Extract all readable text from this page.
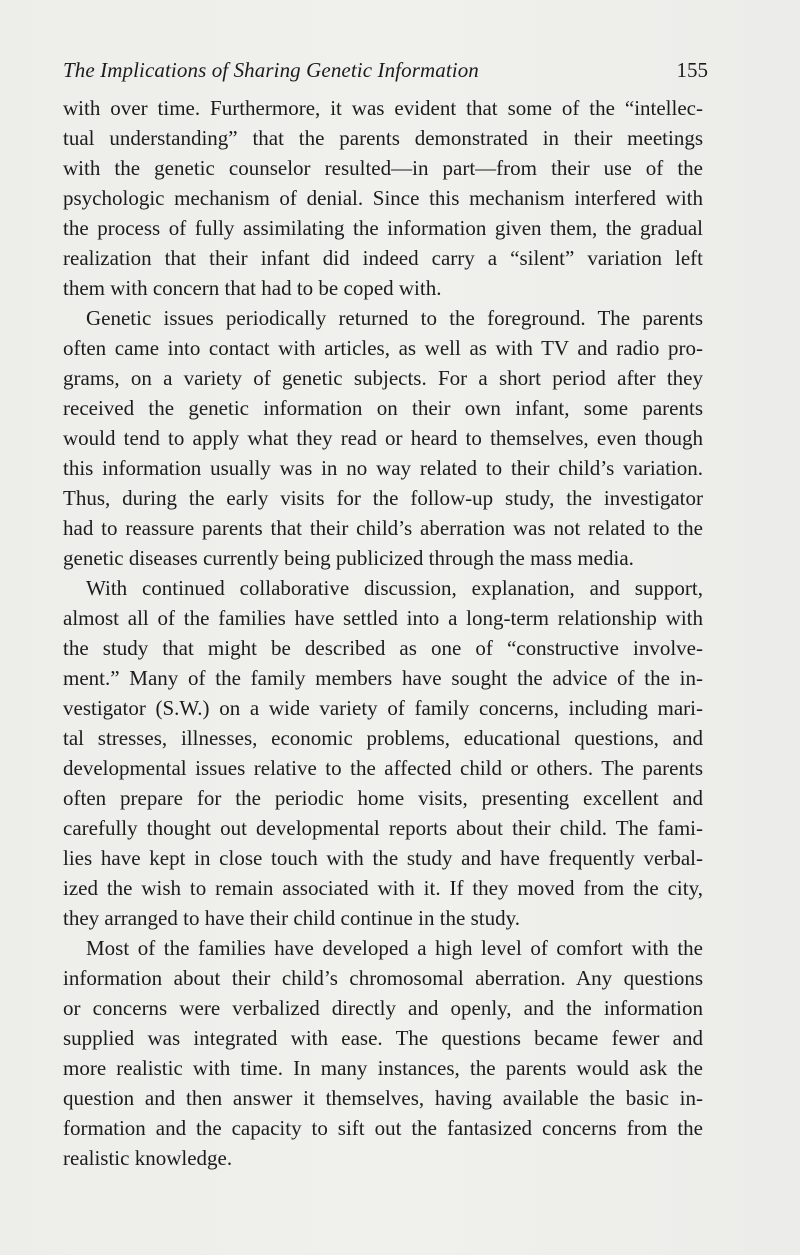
The Implications of Sharing Genetic Information	155
with over time. Furthermore, it was evident that some of the “intellec-
tual understanding” that the parents demonstrated in their meetings
with the genetic counselor resulted—in part—from their use of the
psychologic mechanism of denial. Since this mechanism interfered with
the process of fully assimilating the information given them, the gradual
realization that their infant did indeed carry a “silent” variation left
them with concern that had to be coped with.
Genetic issues periodically returned to the foreground. The parents
often came into contact with articles, as well as with TV and radio pro-
grams, on a variety of genetic subjects. For a short period after they
received the genetic information on their own infant, some parents
would tend to apply what they read or heard to themselves, even though
this information usually was in no way related to their child’s variation.
Thus, during the early visits for the follow-up study, the investigator
had to reassure parents that their child’s aberration was not related to the
genetic diseases currently being publicized through the mass media.
With continued collaborative discussion, explanation, and support,
almost all of the families have settled into a long-term relationship with
the study that might be described as one of “constructive involve-
ment.” Many of the family members have sought the advice of the in-
vestigator (S.W.) on a wide variety of family concerns, including mari-
tal stresses, illnesses, economic problems, educational questions, and
developmental issues relative to the affected child or others. The parents
often prepare for the periodic home visits, presenting excellent and
carefully thought out developmental reports about their child. The fami-
lies have kept in close touch with the study and have frequently verbal-
ized the wish to remain associated with it. If they moved from the city,
they arranged to have their child continue in the study.
Most of the families have developed a high level of comfort with the
information about their child’s chromosomal aberration. Any questions
or concerns were verbalized directly and openly, and the information
supplied was integrated with ease. The questions became fewer and
more realistic with time. In many instances, the parents would ask the
question and then answer it themselves, having available the basic in-
formation and the capacity to sift out the fantasized concerns from the
realistic knowledge.
